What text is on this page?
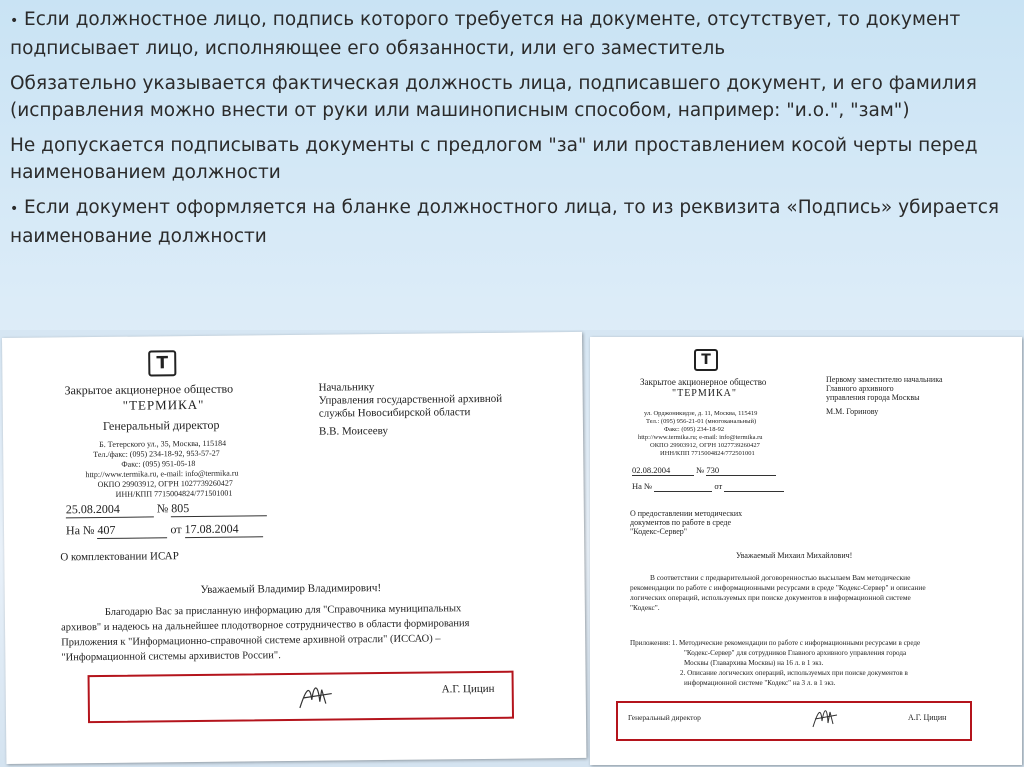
• Если должностное лицо, подпись которого требуется на документе, отсутствует, то документ подписывает лицо, исполняющее его обязанности, или его заместитель

Обязательно указывается фактическая должность лица, подписавшего документ, и его фамилия (исправления можно внести от руки или машинописным способом, например: "и.о.", "зам")

Не допускается подписывать документы с предлогом "за" или проставлением косой черты перед наименованием должности

• Если документ оформляется на бланке должностного лица, то из реквизита «Подпись» убирается наименование должности

T
Закрытое акционерное общество
"ТЕРМИКА"
Генеральный директор
Б. Тетерского ул., 35, Москва, 115184
Тел./факс: (095) 234-18-92, 953-57-27
Факс: (095) 951-05-18
http://www.termika.ru, e-mail: info@termika.ru
ОКПО 29903912, ОГРН 1027739260427
ИНН/КПП 7715004824/771501001
25.08.2004	№ 805
На № 407	от 17.08.2004
Начальнику
Управления государственной архивной
службы Новосибирской области
В.В. Моисееву
О комплектовании ИСАР
Уважаемый Владимир Владимирович!
Благодарю Вас за присланную информацию для "Справочника муниципальных
архивов" и надеюсь на дальнейшее плодотворное сотрудничество в области формирования
Приложения к "Информационно-справочной системе архивной отрасли" (ИССАО) –
"Информационной системы архивистов России".
А.Г. Цицин
T
Закрытое акционерное общество
"ТЕРМИКА"
ул. Орджоникидзе, д. 11, Москва, 115419
Тел.: (095) 956-21-01 (многоканальный)
Факс: (095) 234-18-92
http://www.termika.ru; e-mail: info@termika.ru
ОКПО 29903912, ОГРН 1027739260427
ИНН/КПП 7715004824/772501001
02.08.2004	№ 730
На №	от
Первому заместителю начальника
Главного архивного
управления города Москвы
М.М. Горинову
О предоставлении методических
документов по работе в среде
"Кодекс-Сервер"
Уважаемый Михаил Михайлович!
В соответствии с предварительной договоренностью высылаем Вам методические
рекомендации по работе с информационными ресурсами в среде "Кодекс-Сервер" и описание
логических операций, используемых при поиске документов в информационной системе
"Кодекс".
Приложения: 1. Методические рекомендации по работе с информационными ресурсами в среде
"Кодекс-Сервер" для сотрудников Главного архивного управления города
Москвы (Главархива Москвы) на 16 л. в 1 экз.
2. Описание логических операций, используемых при поиске документов в
информационной системе "Кодекс" на 3 л. в 1 экз.
Генеральный директор	А.Г. Цицин
